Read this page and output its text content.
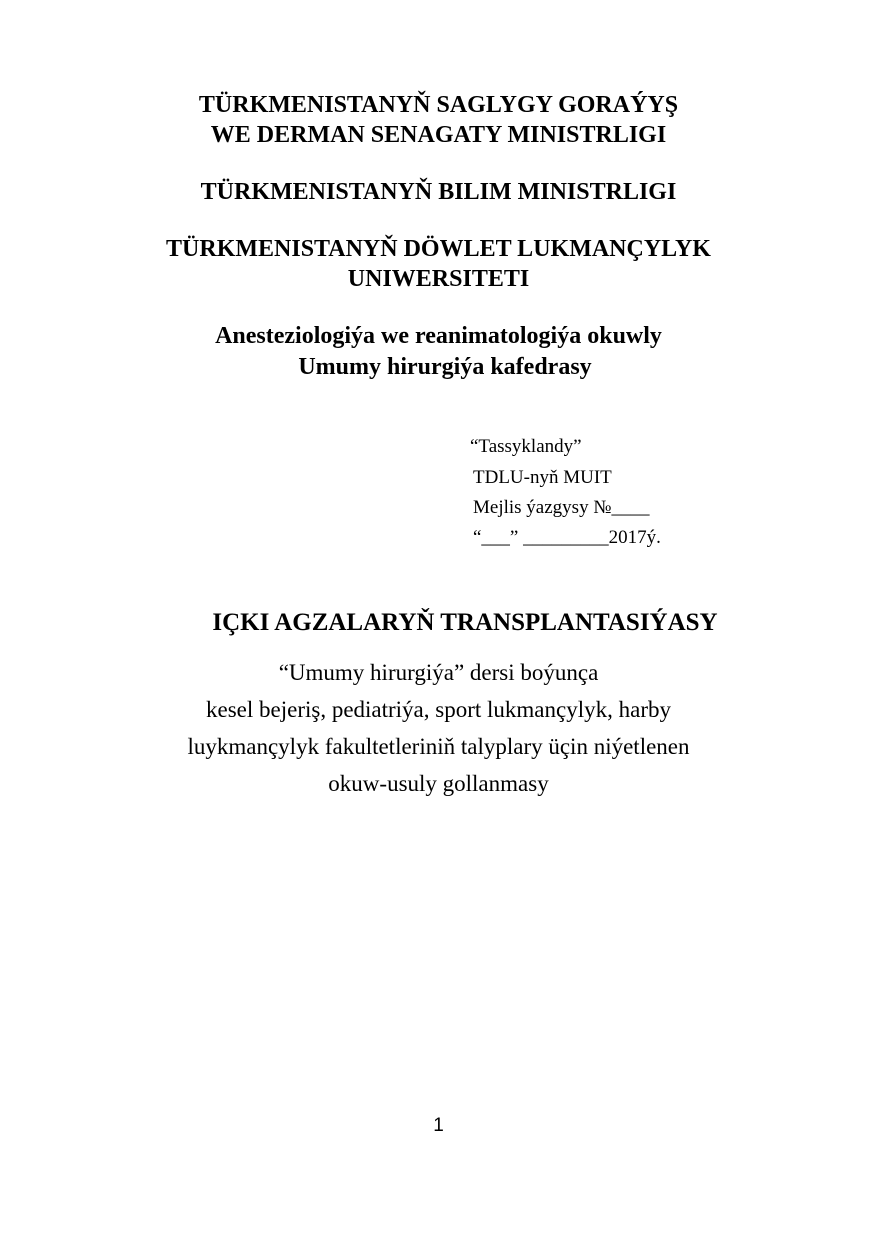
TÜRKMENISTANYŇ SAGLYGY GORAÝYŞ
WE DERMAN SENAGATY MINISTRLIGI
TÜRKMENISTANYŇ BILIM MINISTRLIGI
TÜRKMENISTANYŇ DÖWLET LUKMANÇYLYK
UNIWERSITETI
Anesteziologiýa we reanimatologiýa okuwly
Umumy hirurgiýa kafedrasy
“Tassyklandy”
TDLU-nyň MUIT
Mejlis ýazgysy №____
“___” _________2017ý.
IÇKI AGZALARYŇ TRANSPLANTASIÝASY
“Umumy hirurgiýa” dersi boýunça
kesel bejeriş, pediatriýa, sport lukmançylyk, harby
luykmançylyk fakultetleriniň talyplary üçin niýetlenen
okuw-usuly gollanmasy
1
